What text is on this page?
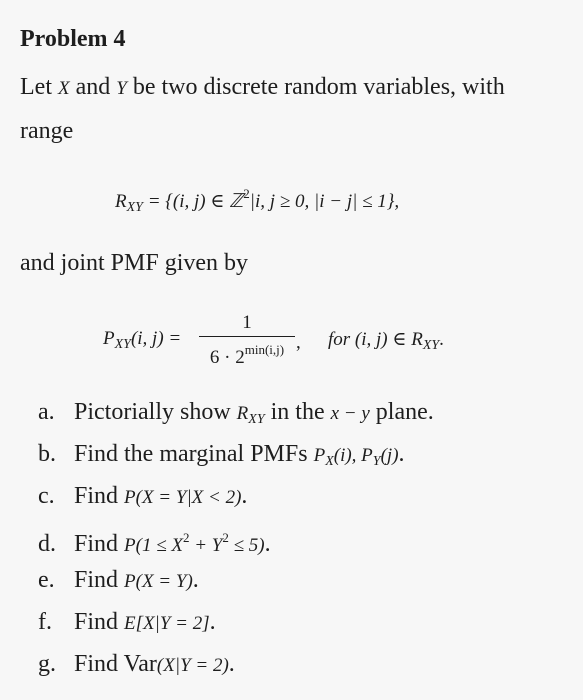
Problem 4
Let X and Y be two discrete random variables, with range
$R_{XY} = \{(i$, j) ∈ ℤ$^2$|i, j ≥ 0, |i − j| ≤ 1},
and joint PMF given by
$P_{XY}(i$, j) =
1
$6 \cdot 2^{min(i,j)}$ , for (i, j) ∈ $R_{XY}$.
a. Pictorially show $R_{XY}$ in the x − y plane.
b. Find the marginal PMFs $P_X(i)$, $P_Y(j)$.
c. Find P(X = Y|X < 2).
d. Find $P(1 \le X^2 + Y^2 \le 5)$.
e. Find P(X = Y).
f. Find E[X|Y = 2].
g. Find Var(X|Y = 2).
